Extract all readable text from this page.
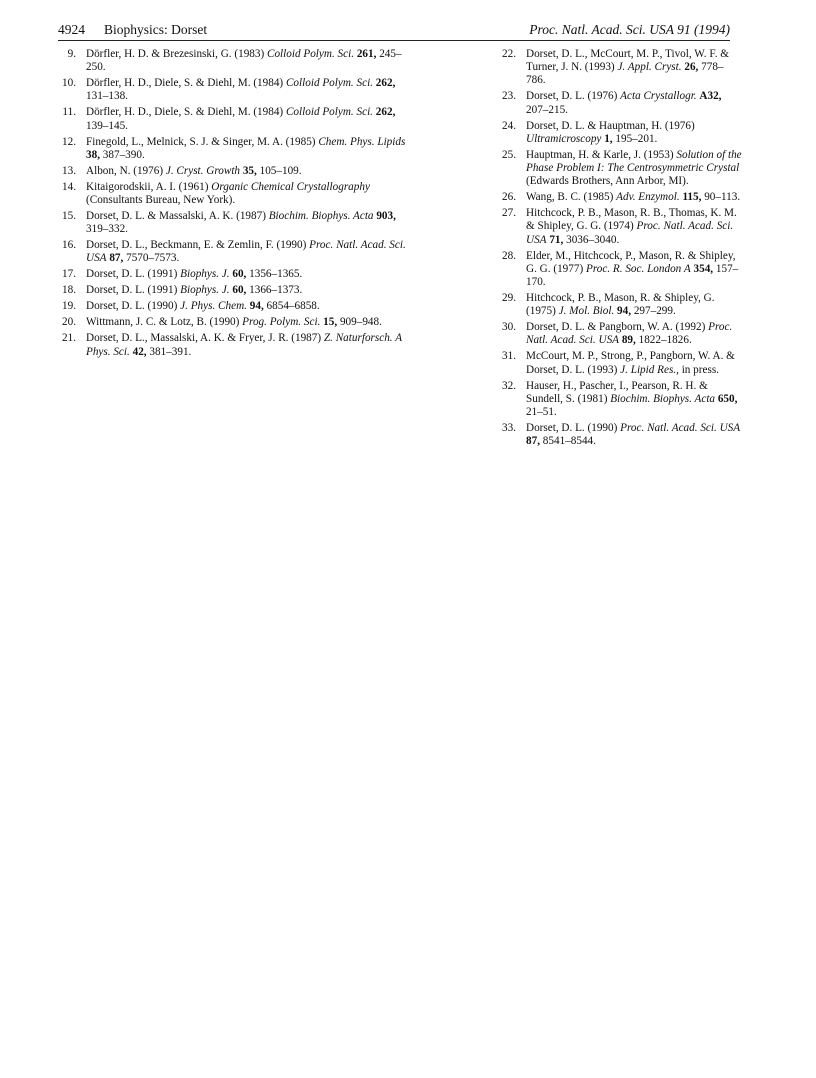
4924 Biophysics: Dorset	Proc. Natl. Acad. Sci. USA 91 (1994)
9. Dörfler, H. D. & Brezesinski, G. (1983) Colloid Polym. Sci. 261, 245–250.
10. Dörfler, H. D., Diele, S. & Diehl, M. (1984) Colloid Polym. Sci. 262, 131–138.
11. Dörfler, H. D., Diele, S. & Diehl, M. (1984) Colloid Polym. Sci. 262, 139–145.
12. Finegold, L., Melnick, S. J. & Singer, M. A. (1985) Chem. Phys. Lipids 38, 387–390.
13. Albon, N. (1976) J. Cryst. Growth 35, 105–109.
14. Kitaigorodskii, A. I. (1961) Organic Chemical Crystallography (Consultants Bureau, New York).
15. Dorset, D. L. & Massalski, A. K. (1987) Biochim. Biophys. Acta 903, 319–332.
16. Dorset, D. L., Beckmann, E. & Zemlin, F. (1990) Proc. Natl. Acad. Sci. USA 87, 7570–7573.
17. Dorset, D. L. (1991) Biophys. J. 60, 1356–1365.
18. Dorset, D. L. (1991) Biophys. J. 60, 1366–1373.
19. Dorset, D. L. (1990) J. Phys. Chem. 94, 6854–6858.
20. Wittmann, J. C. & Lotz, B. (1990) Prog. Polym. Sci. 15, 909–948.
21. Dorset, D. L., Massalski, A. K. & Fryer, J. R. (1987) Z. Naturforsch. A Phys. Sci. 42, 381–391.
22. Dorset, D. L., McCourt, M. P., Tivol, W. F. & Turner, J. N. (1993) J. Appl. Cryst. 26, 778–786.
23. Dorset, D. L. (1976) Acta Crystallogr. A32, 207–215.
24. Dorset, D. L. & Hauptman, H. (1976) Ultramicroscopy 1, 195–201.
25. Hauptman, H. & Karle, J. (1953) Solution of the Phase Problem I: The Centrosymmetric Crystal (Edwards Brothers, Ann Arbor, MI).
26. Wang, B. C. (1985) Adv. Enzymol. 115, 90–113.
27. Hitchcock, P. B., Mason, R. B., Thomas, K. M. & Shipley, G. G. (1974) Proc. Natl. Acad. Sci. USA 71, 3036–3040.
28. Elder, M., Hitchcock, P., Mason, R. & Shipley, G. G. (1977) Proc. R. Soc. London A 354, 157–170.
29. Hitchcock, P. B., Mason, R. & Shipley, G. (1975) J. Mol. Biol. 94, 297–299.
30. Dorset, D. L. & Pangborn, W. A. (1992) Proc. Natl. Acad. Sci. USA 89, 1822–1826.
31. McCourt, M. P., Strong, P., Pangborn, W. A. & Dorset, D. L. (1993) J. Lipid Res., in press.
32. Hauser, H., Pascher, I., Pearson, R. H. & Sundell, S. (1981) Biochim. Biophys. Acta 650, 21–51.
33. Dorset, D. L. (1990) Proc. Natl. Acad. Sci. USA 87, 8541–8544.
